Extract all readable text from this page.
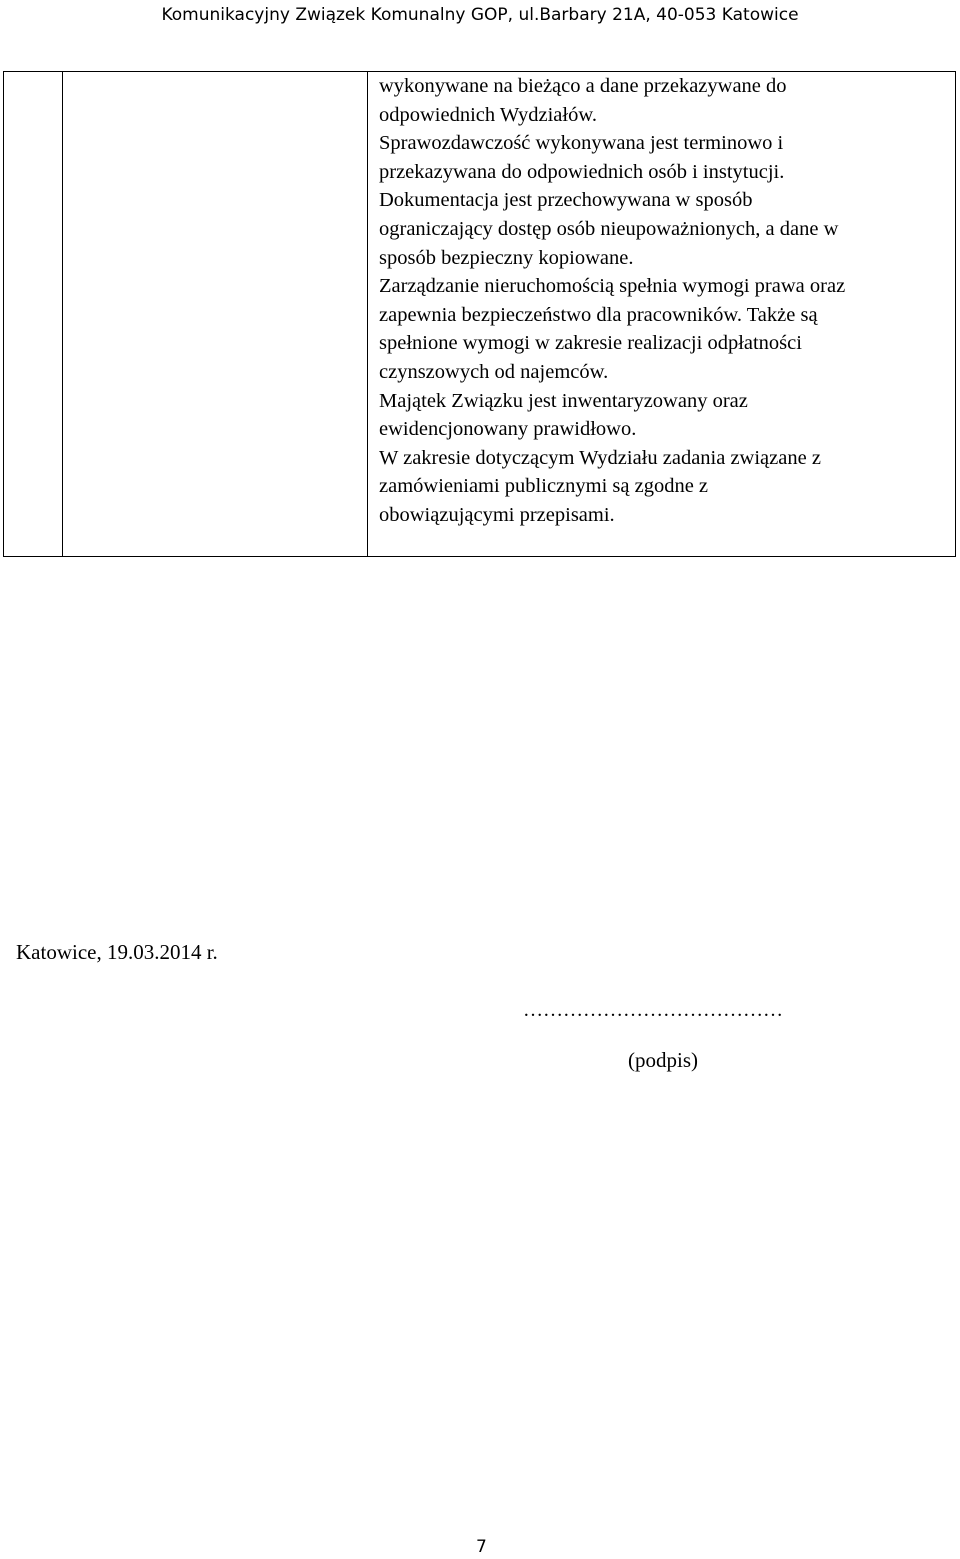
Komunikacyjny Związek Komunalny GOP, ul.Barbary 21A, 40-053 Katowice
wykonywane na bieżąco a dane przekazywane do
odpowiednich Wydziałów.
Sprawozdawczość wykonywana jest terminowo i
przekazywana do odpowiednich osób i instytucji.
Dokumentacja jest przechowywana w sposób
ograniczający dostęp osób nieupoważnionych, a dane w
sposób bezpieczny kopiowane.
Zarządzanie nieruchomością spełnia wymogi prawa oraz
zapewnia bezpieczeństwo dla pracowników. Także są
spełnione wymogi w zakresie realizacji odpłatności
czynszowych od najemców.
Majątek Związku jest inwentaryzowany oraz
ewidencjonowany prawidłowo.
W zakresie dotyczącym Wydziału zadania związane z
zamówieniami publicznymi są zgodne z
obowiązującymi przepisami.
Katowice, 19.03.2014 r.
…………………………………
(podpis)
7
